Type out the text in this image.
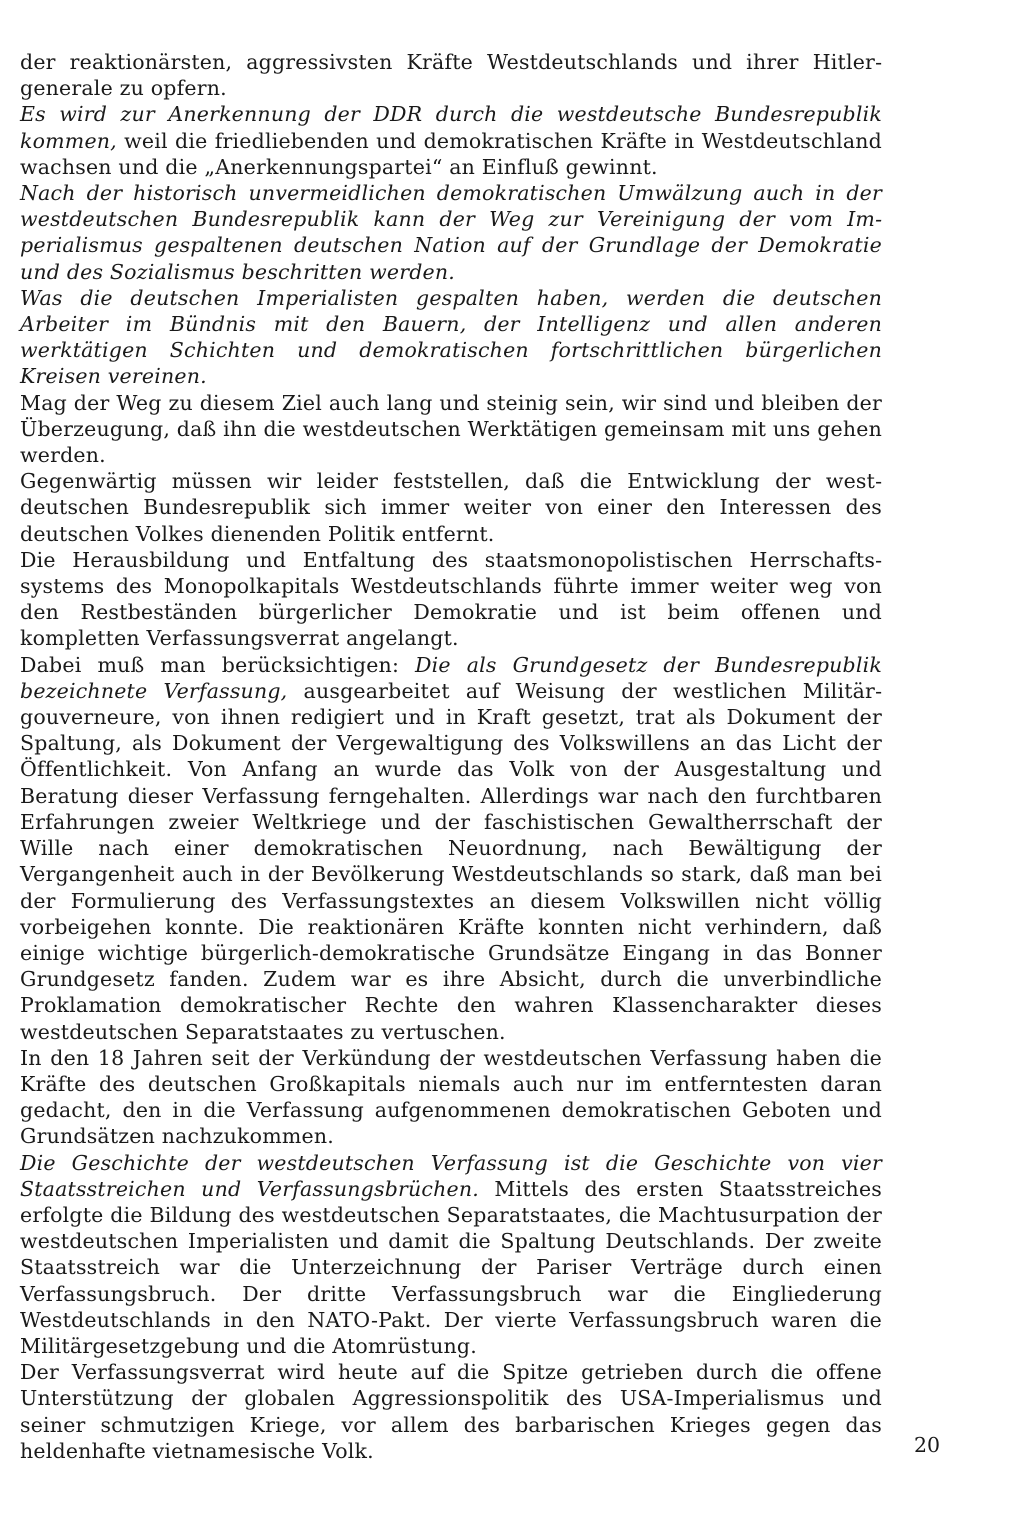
der reaktionärsten, aggressivsten Kräfte Westdeutschlands und ihrer Hitlergenerale zu opfern.

Es wird zur Anerkennung der DDR durch die westdeutsche Bundesrepublik kommen, weil die friedliebenden und demokratischen Kräfte in Westdeutschland wachsen und die „Anerkennungspartei“ an Einfluß gewinnt.

Nach der historisch unvermeidlichen demokratischen Umwälzung auch in der westdeutschen Bundesrepublik kann der Weg zur Vereinigung der vom Imperialismus gespaltenen deutschen Nation auf der Grundlage der Demokratie und des Sozialismus beschritten werden.

Was die deutschen Imperialisten gespalten haben, werden die deutschen Arbeiter im Bündnis mit den Bauern, der Intelligenz und allen anderen werktätigen Schichten und demokratischen fortschrittlichen bürgerlichen Kreisen vereinen.

Mag der Weg zu diesem Ziel auch lang und steinig sein, wir sind und bleiben der Überzeugung, daß ihn die westdeutschen Werktätigen gemeinsam mit uns gehen werden.

Gegenwärtig müssen wir leider feststellen, daß die Entwicklung der westdeutschen Bundesrepublik sich immer weiter von einer den Interessen des deutschen Volkes dienenden Politik entfernt.

Die Herausbildung und Entfaltung des staatsmonopolistischen Herrschaftssystems des Monopolkapitals Westdeutschlands führte immer weiter weg von den Restbeständen bürgerlicher Demokratie und ist beim offenen und kompletten Verfassungsverrat angelangt.

Dabei muß man berücksichtigen: Die als Grundgesetz der Bundesrepublik bezeichnete Verfassung, ausgearbeitet auf Weisung der westlichen Militärgouverneure, von ihnen redigiert und in Kraft gesetzt, trat als Dokument der Spaltung, als Dokument der Vergewaltigung des Volkswillens an das Licht der Öffentlichkeit. Von Anfang an wurde das Volk von der Ausgestaltung und Beratung dieser Verfassung ferngehalten. Allerdings war nach den furchtbaren Erfahrungen zweier Weltkriege und der faschistischen Gewaltherrschaft der Wille nach einer demokratischen Neuordnung, nach Bewältigung der Vergangenheit auch in der Bevölkerung Westdeutschlands so stark, daß man bei der Formulierung des Verfassungstextes an diesem Volkswillen nicht völlig vorbeigehen konnte. Die reaktionären Kräfte konnten nicht verhindern, daß einige wichtige bürgerlich-demokratische Grundsätze Eingang in das Bonner Grundgesetz fanden. Zudem war es ihre Absicht, durch die unverbindliche Proklamation demokratischer Rechte den wahren Klassencharakter dieses westdeutschen Separatstaates zu vertuschen.

In den 18 Jahren seit der Verkündung der westdeutschen Verfassung haben die Kräfte des deutschen Großkapitals niemals auch nur im entferntesten daran gedacht, den in die Verfassung aufgenommenen demokratischen Geboten und Grundsätzen nachzukommen.

Die Geschichte der westdeutschen Verfassung ist die Geschichte von vier Staatsstreichen und Verfassungsbrüchen. Mittels des ersten Staatsstreiches erfolgte die Bildung des westdeutschen Separatstaates, die Machtusurpation der westdeutschen Imperialisten und damit die Spaltung Deutschlands. Der zweite Staatsstreich war die Unterzeichnung der Pariser Verträge durch einen Verfassungsbruch. Der dritte Verfassungsbruch war die Eingliederung Westdeutschlands in den NATO-Pakt. Der vierte Verfassungsbruch waren die Militärgesetzgebung und die Atomrüstung.

Der Verfassungsverrat wird heute auf die Spitze getrieben durch die offene Unterstützung der globalen Aggressionspolitik des USA-Imperialismus und seiner schmutzigen Kriege, vor allem des barbarischen Krieges gegen das heldenhafte vietnamesische Volk.	20
